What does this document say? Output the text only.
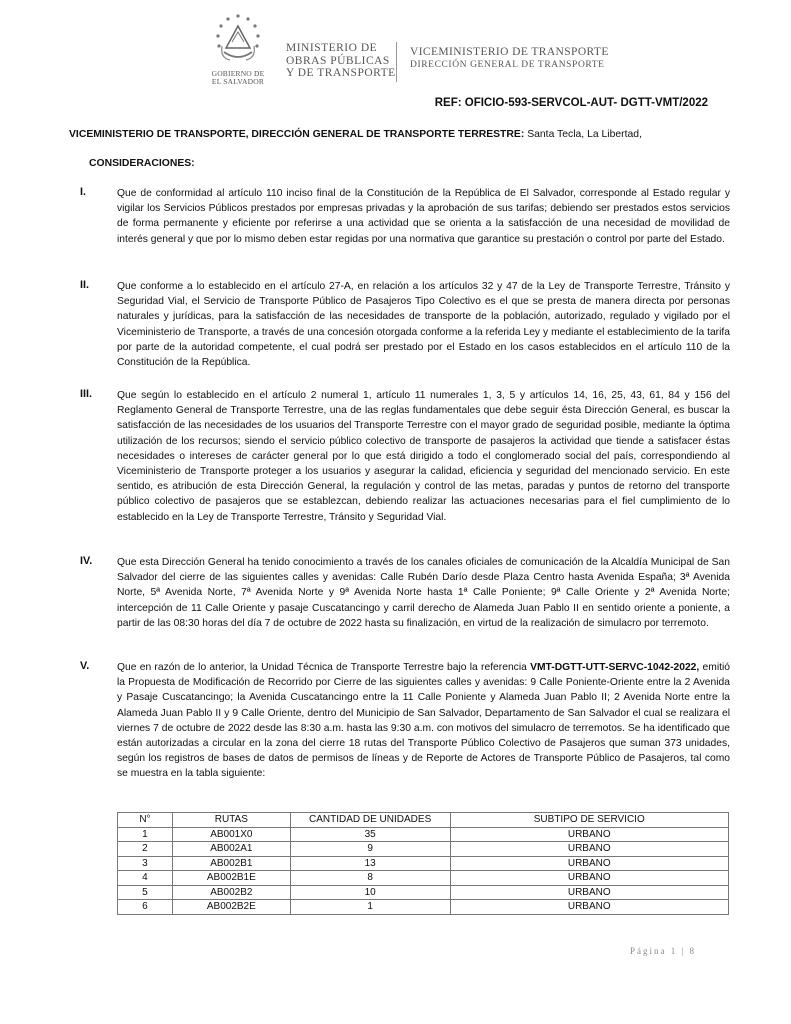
GOBIERNO DE
EL SALVADOR
MINISTERIO DE
OBRAS PÚBLICAS
Y DE TRANSPORTE
VICEMINISTERIO DE TRANSPORTE
DIRECCIÓN GENERAL DE TRANSPORTE
REF: OFICIO-593-SERVCOL-AUT- DGTT-VMT/2022
VICEMINISTERIO DE TRANSPORTE, DIRECCIÓN GENERAL DE TRANSPORTE TERRESTRE: Santa Tecla, La Libertad,
CONSIDERACIONES:
I.	Que de conformidad al artículo 110 inciso final de la Constitución de la República de El Salvador, corresponde al Estado regular y vigilar los Servicios Públicos prestados por empresas privadas y la aprobación de sus tarifas; debiendo ser prestados estos servicios de forma permanente y eficiente por referirse a una actividad que se orienta a la satisfacción de una necesidad de movilidad de interés general y que por lo mismo deben estar regidas por una normativa que garantice su prestación o control por parte del Estado.
II.	Que conforme a lo establecido en el artículo 27-A, en relación a los artículos 32 y 47 de la Ley de Transporte Terrestre, Tránsito y Seguridad Vial, el Servicio de Transporte Público de Pasajeros Tipo Colectivo es el que se presta de manera directa por personas naturales y jurídicas, para la satisfacción de las necesidades de transporte de la población, autorizado, regulado y vigilado por el Viceministerio de Transporte, a través de una concesión otorgada conforme a la referida Ley y mediante el establecimiento de la tarifa por parte de la autoridad competente, el cual podrá ser prestado por el Estado en los casos establecidos en el artículo 110 de la Constitución de la República.
III.	Que según lo establecido en el artículo 2 numeral 1, artículo 11 numerales 1, 3, 5 y artículos 14, 16, 25, 43, 61, 84 y 156 del Reglamento General de Transporte Terrestre, una de las reglas fundamentales que debe seguir ésta Dirección General, es buscar la satisfacción de las necesidades de los usuarios del Transporte Terrestre con el mayor grado de seguridad posible, mediante la óptima utilización de los recursos; siendo el servicio público colectivo de transporte de pasajeros la actividad que tiende a satisfacer éstas necesidades o intereses de carácter general por lo que está dirigido a todo el conglomerado social del país, correspondiendo al Viceministerio de Transporte proteger a los usuarios y asegurar la calidad, eficiencia y seguridad del mencionado servicio. En este sentido, es atribución de esta Dirección General, la regulación y control de las metas, paradas y puntos de retorno del transporte público colectivo de pasajeros que se establezcan, debiendo realizar las actuaciones necesarias para el fiel cumplimiento de lo establecido en la Ley de Transporte Terrestre, Tránsito y Seguridad Vial.
IV.	Que esta Dirección General ha tenido conocimiento a través de los canales oficiales de comunicación de la Alcaldía Municipal de San Salvador del cierre de las siguientes calles y avenidas: Calle Rubén Darío desde Plaza Centro hasta Avenida España; 3ª Avenida Norte, 5ª Avenida Norte, 7ª Avenida Norte y 9ª Avenida Norte hasta 1ª Calle Poniente; 9ª Calle Oriente y 2ª Avenida Norte; intercepción de 11 Calle Oriente y pasaje Cuscatancingo y carril derecho de Alameda Juan Pablo II en sentido oriente a poniente, a partir de las 08:30 horas del día 7 de octubre de 2022 hasta su finalización, en virtud de la realización de simulacro por terremoto.
V.	Que en razón de lo anterior, la Unidad Técnica de Transporte Terrestre bajo la referencia VMT-DGTT-UTT-SERVC-1042-2022, emitió la Propuesta de Modificación de Recorrido por Cierre de las siguientes calles y avenidas: 9 Calle Poniente-Oriente entre la 2 Avenida y Pasaje Cuscatancingo; la Avenida Cuscatancingo entre la 11 Calle Poniente y Alameda Juan Pablo II; 2 Avenida Norte entre la Alameda Juan Pablo II y 9 Calle Oriente, dentro del Municipio de San Salvador, Departamento de San Salvador el cual se realizara el viernes 7 de octubre de 2022 desde las 8:30 a.m. hasta las 9:30 a.m. con motivos del simulacro de terremotos. Se ha identificado que están autorizadas a circular en la zona del cierre 18 rutas del Transporte Público Colectivo de Pasajeros que suman 373 unidades, según los registros de bases de datos de permisos de líneas y de Reporte de Actores de Transporte Público de Pasajeros, tal como se muestra en la tabla siguiente:
N°	RUTAS	CANTIDAD DE UNIDADES	SUBTIPO DE SERVICIO
1	AB001X0	35	URBANO
2	AB002A1	9	URBANO
3	AB002B1	13	URBANO
4	AB002B1E	8	URBANO
5	AB002B2	10	URBANO
6	AB002B2E	1	URBANO
Página 1 | 8
